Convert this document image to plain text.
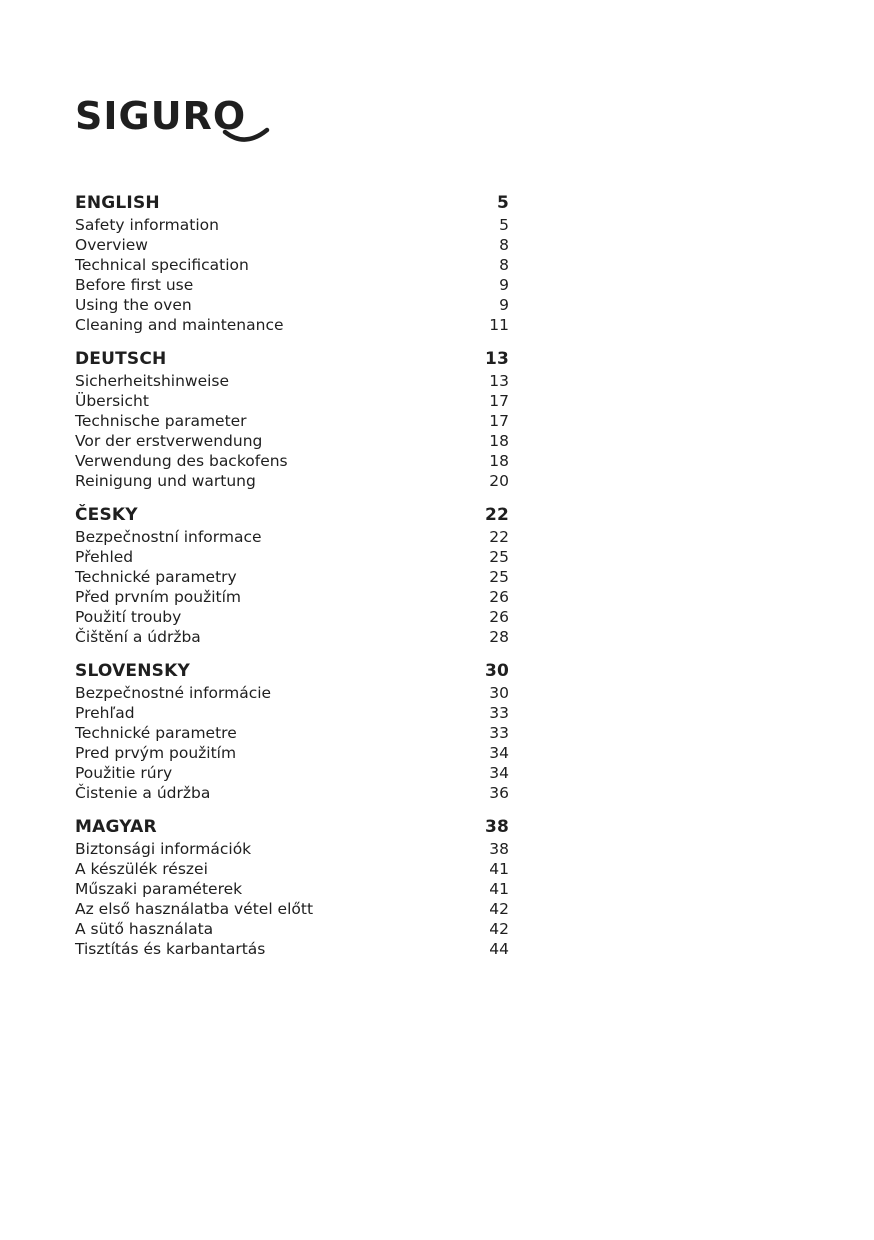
SIGURO
ENGLISH	5
Safety information	5
Overview	8
Technical specification	8
Before first use	9
Using the oven	9
Cleaning and maintenance	11
DEUTSCH	13
Sicherheitshinweise	13
Übersicht	17
Technische parameter	17
Vor der erstverwendung	18
Verwendung des backofens	18
Reinigung und wartung	20
ČESKY	22
Bezpečnostní informace	22
Přehled	25
Technické parametry	25
Před prvním použitím	26
Použití trouby	26
Čištění a údržba	28
SLOVENSKY	30
Bezpečnostné informácie	30
Prehľad	33
Technické parametre	33
Pred prvým použitím	34
Použitie rúry	34
Čistenie a údržba	36
MAGYAR	38
Biztonsági információk	38
A készülék részei	41
Műszaki paraméterek	41
Az első használatba vétel előtt	42
A sütő használata	42
Tisztítás és karbantartás	44
